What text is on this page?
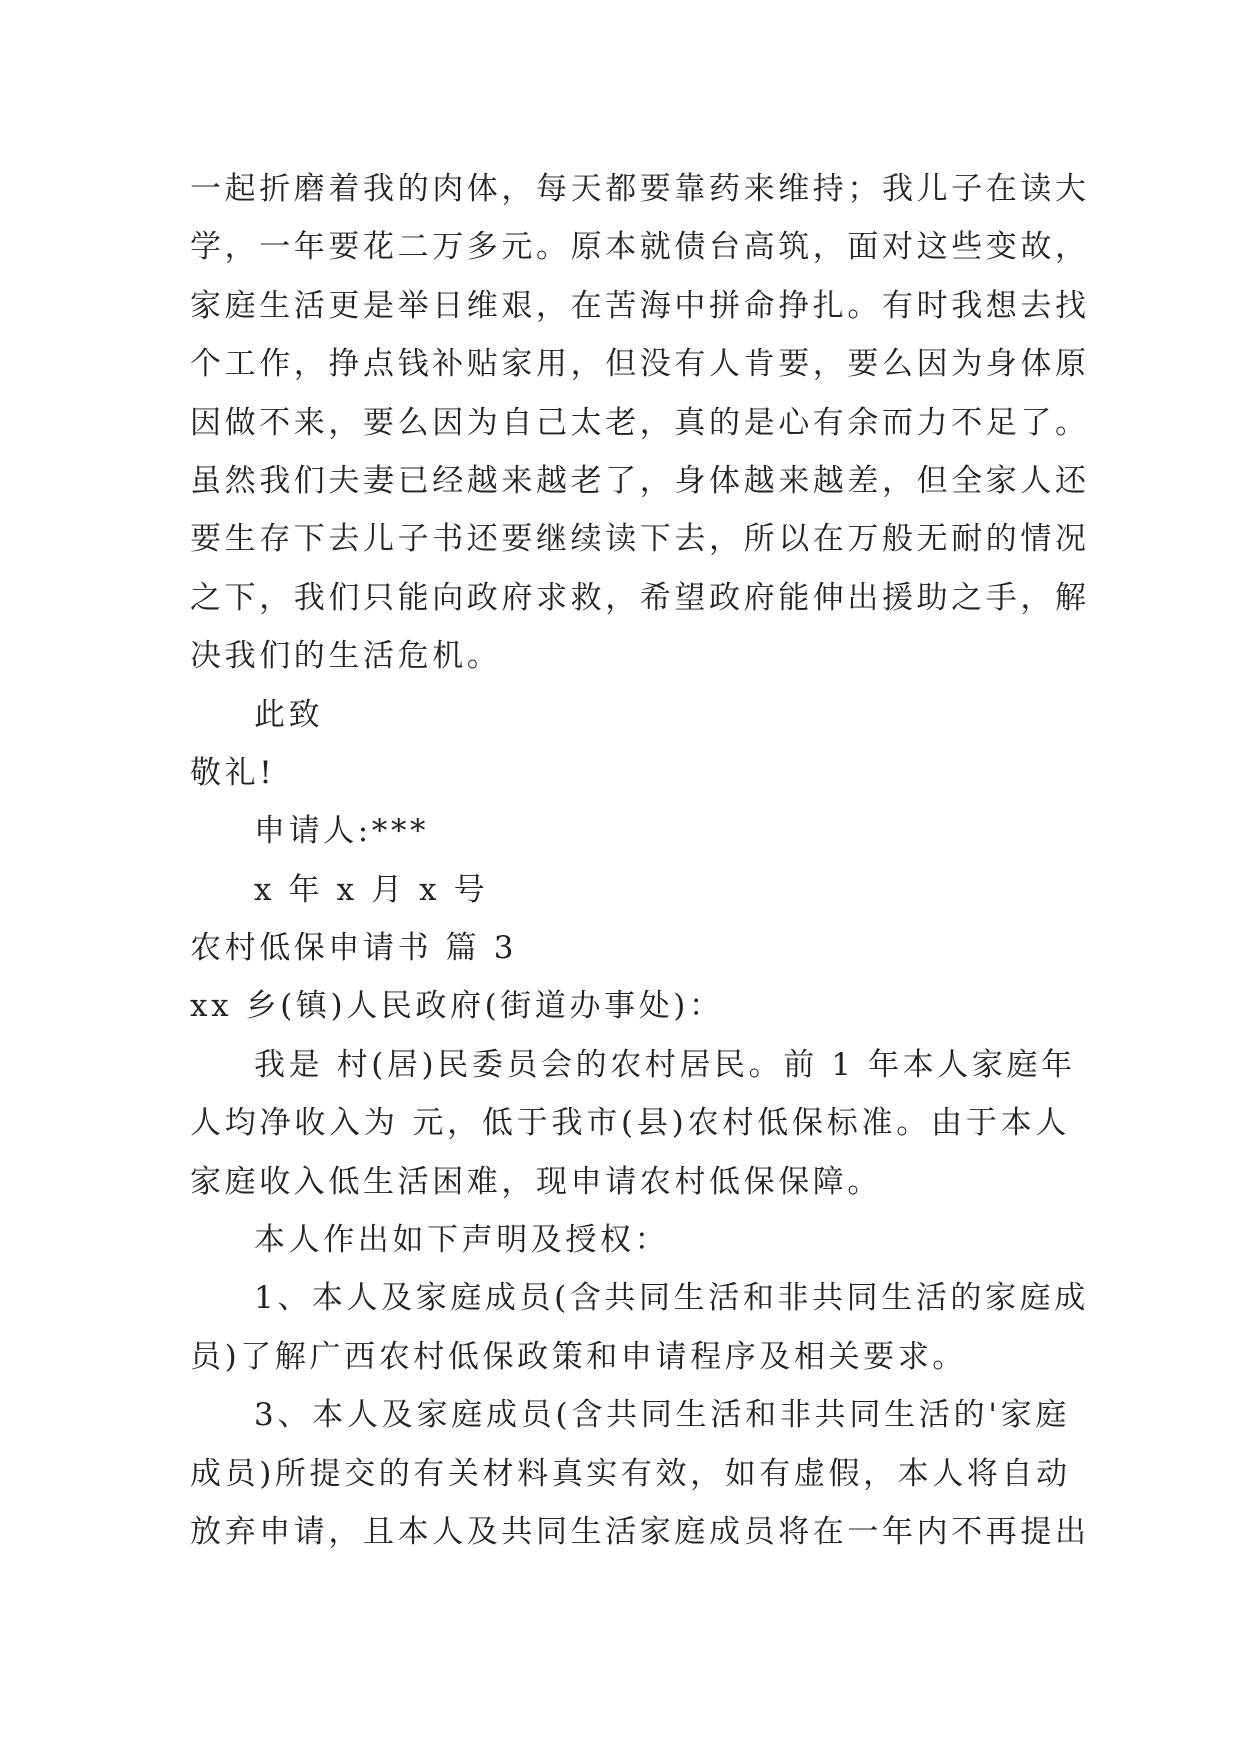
一起折磨着我的肉体，每天都要靠药来维持；我儿子在读大
学，一年要花二万多元。原本就债台高筑，面对这些变故，
家庭生活更是举日维艰，在苦海中拼命挣扎。有时我想去找
个工作，挣点钱补贴家用，但没有人肯要，要么因为身体原
因做不来，要么因为自己太老，真的是心有余而力不足了。
虽然我们夫妻已经越来越老了，身体越来越差，但全家人还
要生存下去儿子书还要继续读下去，所以在万般无耐的情况
之下，我们只能向政府求救，希望政府能伸出援助之手，解
决我们的生活危机。
此致
敬礼!
申请人:***
x 年 x 月 x 号
农村低保申请书 篇 3
xx 乡(镇)人民政府(街道办事处)：
我是 村(居)民委员会的农村居民。前 1 年本人家庭年
人均净收入为 元，低于我市(县)农村低保标准。由于本人
家庭收入低生活困难，现申请农村低保保障。
本人作出如下声明及授权：
1、本人及家庭成员(含共同生活和非共同生活的家庭成
员)了解广西农村低保政策和申请程序及相关要求。
3、本人及家庭成员(含共同生活和非共同生活的'家庭
成员)所提交的有关材料真实有效，如有虚假，本人将自动
放弃申请，且本人及共同生活家庭成员将在一年内不再提出
